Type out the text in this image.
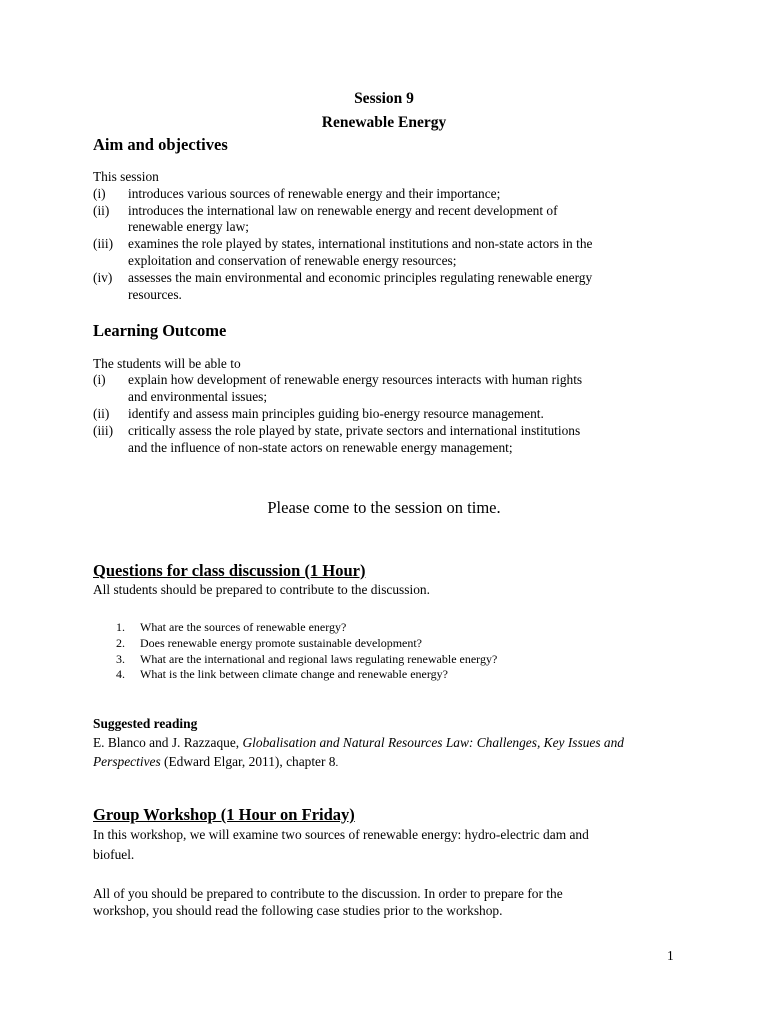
Session 9
Renewable Energy
Aim and objectives
This session
(i) introduces various sources of renewable energy and their importance;
(ii) introduces the international law on renewable energy and recent development of
renewable energy law;
(iii) examines the role played by states, international institutions and non-state actors in the
exploitation and conservation of renewable energy resources;
(iv) assesses the main environmental and economic principles regulating renewable energy
resources.
Learning Outcome
The students will be able to
(i) explain how development of renewable energy resources interacts with human rights
and environmental issues;
(ii) identify and assess main principles guiding bio-energy resource management.
(iii) critically assess the role played by state, private sectors and international institutions
and the influence of non-state actors on renewable energy management;
Please come to the session on time.
Questions for class discussion (1 Hour)
All students should be prepared to contribute to the discussion.
1. What are the sources of renewable energy?
2. Does renewable energy promote sustainable development?
3. What are the international and regional laws regulating renewable energy?
4. What is the link between climate change and renewable energy?
Suggested reading
E. Blanco and J. Razzaque, Globalisation and Natural Resources Law: Challenges, Key Issues and
Perspectives (Edward Elgar, 2011), chapter 8.
Group Workshop (1 Hour on Friday)
In this workshop, we will examine two sources of renewable energy: hydro-electric dam and
biofuel.
All of you should be prepared to contribute to the discussion. In order to prepare for the
workshop, you should read the following case studies prior to the workshop.
1
